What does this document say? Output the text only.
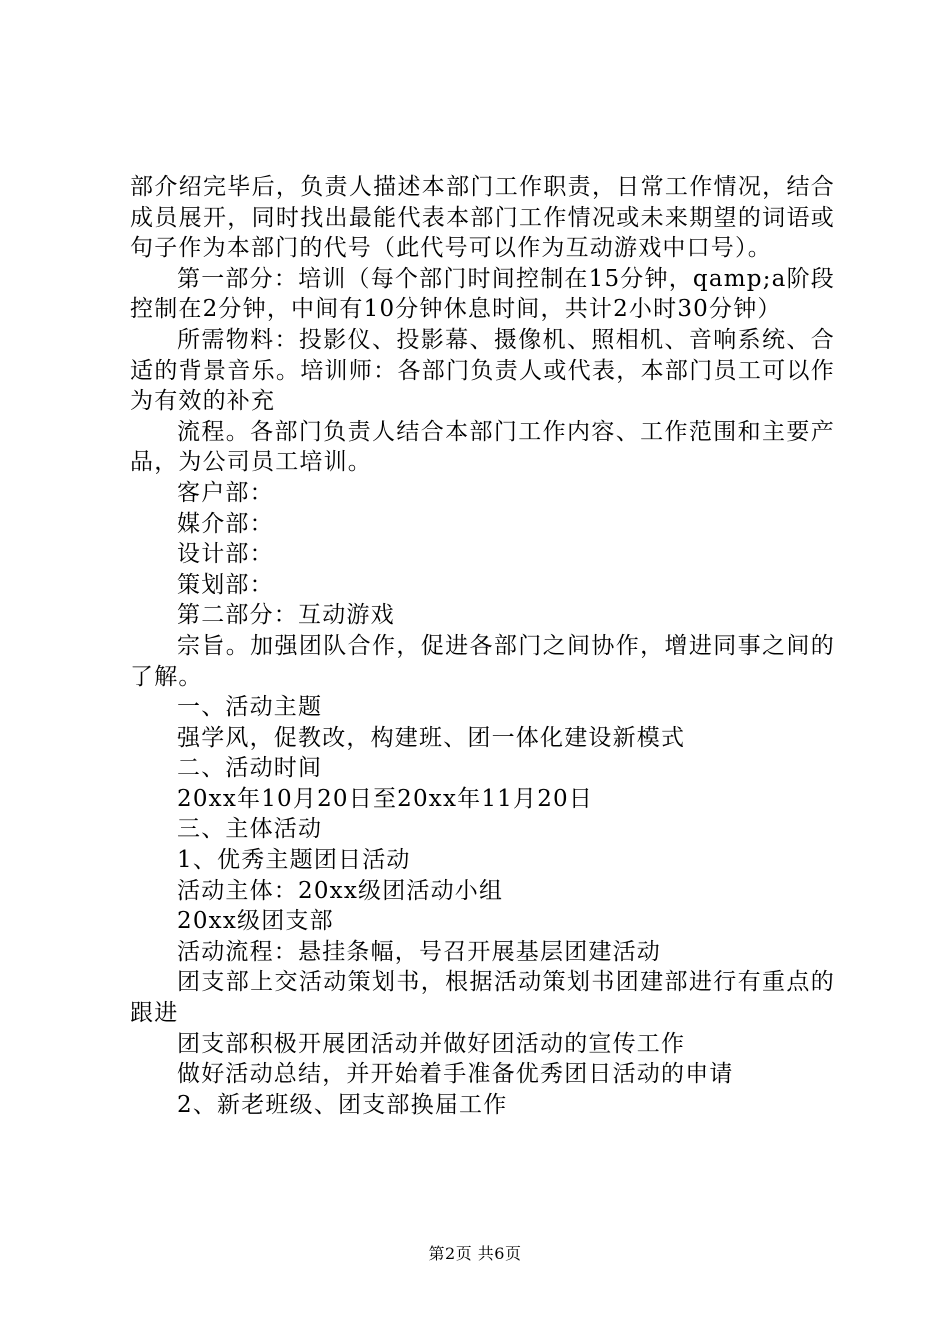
部介绍完毕后，负责人描述本部门工作职责，日常工作情况，结合成员展开，同时找出最能代表本部门工作情况或未来期望的词语或句子作为本部门的代号（此代号可以作为互动游戏中口号）。

第一部分：培训（每个部门时间控制在15分钟，qamp;a阶段控制在2分钟，中间有10分钟休息时间，共计2小时30分钟）

所需物料：投影仪、投影幕、摄像机、照相机、音响系统、合适的背景音乐。培训师：各部门负责人或代表，本部门员工可以作为有效的补充

流程。各部门负责人结合本部门工作内容、工作范围和主要产品，为公司员工培训。

客户部：

媒介部：

设计部：

策划部：

第二部分：互动游戏

宗旨。加强团队合作，促进各部门之间协作，增进同事之间的了解。

一、活动主题

强学风，促教改，构建班、团一体化建设新模式

二、活动时间

20xx年10月20日至20xx年11月20日

三、主体活动

1、优秀主题团日活动

活动主体：20xx级团活动小组

20xx级团支部

活动流程：悬挂条幅，号召开展基层团建活动

团支部上交活动策划书，根据活动策划书团建部进行有重点的跟进

团支部积极开展团活动并做好团活动的宣传工作

做好活动总结，并开始着手准备优秀团日活动的申请

2、新老班级、团支部换届工作

第2页 共6页
